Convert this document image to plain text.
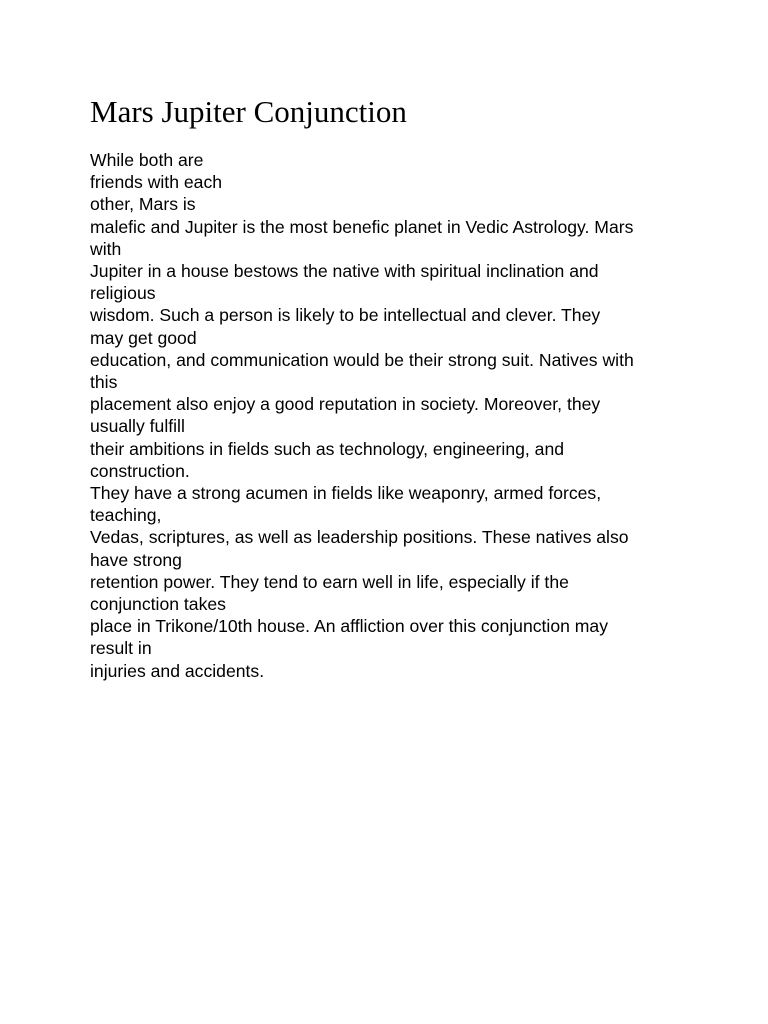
Mars Jupiter Conjunction
While both are
friends with each
other, Mars is
malefic and Jupiter is the most benefic planet in Vedic Astrology. Mars
with
Jupiter in a house bestows the native with spiritual inclination and
religious
wisdom. Such a person is likely to be intellectual and clever. They
may get good
education, and communication would be their strong suit. Natives with
this
placement also enjoy a good reputation in society. Moreover, they
usually fulfill
their ambitions in fields such as technology, engineering, and
construction.
They have a strong acumen in fields like weaponry, armed forces,
teaching,
Vedas, scriptures, as well as leadership positions. These natives also
have strong
retention power. They tend to earn well in life, especially if the
conjunction takes
place in Trikone/10th house. An affliction over this conjunction may
result in
injuries and accidents.
